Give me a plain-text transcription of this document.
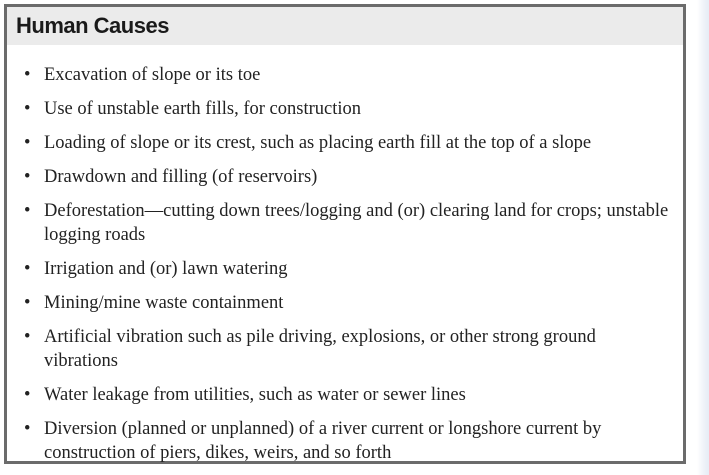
Human Causes
• Excavation of slope or its toe
• Use of unstable earth fills, for construction
• Loading of slope or its crest, such as placing earth fill at the top of a slope
• Drawdown and filling (of reservoirs)
• Deforestation—cutting down trees/logging and (or) clearing land for crops; unstable logging roads
• Irrigation and (or) lawn watering
• Mining/mine waste containment
• Artificial vibration such as pile driving, explosions, or other strong ground vibrations
• Water leakage from utilities, such as water or sewer lines
• Diversion (planned or unplanned) of a river current or longshore current by construction of piers, dikes, weirs, and so forth
